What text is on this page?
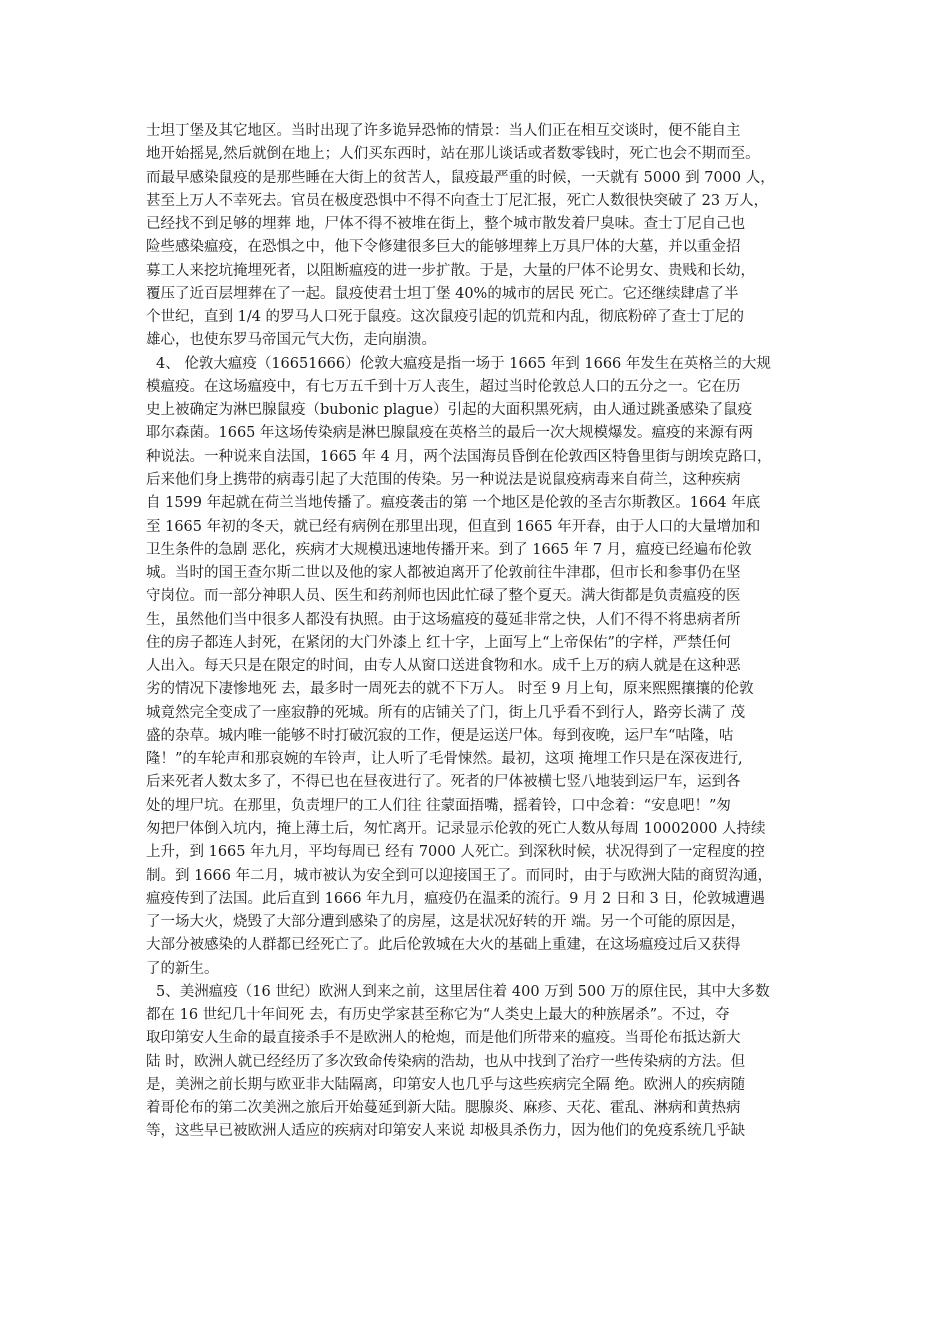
士坦丁堡及其它地区。当时出现了许多诡异恐怖的情景：当人们正在相互交谈时，便不能自主
地开始摇晃,然后就倒在地上；人们买东西时，站在那儿谈话或者数零钱时，死亡也会不期而至。
而最早感染鼠疫的是那些睡在大街上的贫苦人，鼠疫最严重的时候，一天就有 5000 到 7000 人，
甚至上万人不幸死去。官员在极度恐惧中不得不向查士丁尼汇报，死亡人数很快突破了 23 万人，
已经找不到足够的埋葬 地，尸体不得不被堆在街上，整个城市散发着尸臭味。查士丁尼自己也
险些感染瘟疫，在恐惧之中，他下令修建很多巨大的能够埋葬上万具尸体的大墓，并以重金招
募工人来挖坑掩埋死者，以阻断瘟疫的进一步扩散。于是，大量的尸体不论男女、贵贱和长幼，
覆压了近百层埋葬在了一起。鼠疫使君士坦丁堡 40%的城市的居民 死亡。它还继续肆虐了半
个世纪，直到 1/4 的罗马人口死于鼠疫。这次鼠疫引起的饥荒和内乱，彻底粉碎了查士丁尼的
雄心，也使东罗马帝国元气大伤，走向崩溃。
4、 伦敦大瘟疫（16651666）伦敦大瘟疫是指一场于 1665 年到 1666 年发生在英格兰的大规
模瘟疫。在这场瘟疫中，有七万五千到十万人丧生，超过当时伦敦总人口的五分之一。它在历
史上被确定为淋巴腺鼠疫（bubonic plague）引起的大面积黑死病，由人通过跳蚤感染了鼠疫
耶尔森菌。1665 年这场传染病是淋巴腺鼠疫在英格兰的最后一次大规模爆发。瘟疫的来源有两
种说法。一种说来自法国，1665 年 4 月，两个法国海员昏倒在伦敦西区特鲁里街与朗埃克路口，
后来他们身上携带的病毒引起了大范围的传染。另一种说法是说鼠疫病毒来自荷兰，这种疾病
自 1599 年起就在荷兰当地传播了。瘟疫袭击的第 一个地区是伦敦的圣吉尔斯教区。1664 年底
至 1665 年初的冬天，就已经有病例在那里出现，但直到 1665 年开春，由于人口的大量增加和
卫生条件的急剧 恶化，疾病才大规模迅速地传播开来。到了 1665 年 7 月，瘟疫已经遍布伦敦
城。当时的国王查尔斯二世以及他的家人都被迫离开了伦敦前往牛津郡，但市长和参事仍在坚
守岗位。而一部分神职人员、医生和药剂师也因此忙碌了整个夏天。满大街都是负责瘟疫的医
生，虽然他们当中很多人都没有执照。由于这场瘟疫的蔓延非常之快，人们不得不将患病者所
住的房子都连人封死，在紧闭的大门外漆上 红十字，上面写上“上帝保佑”的字样，严禁任何
人出入。每天只是在限定的时间，由专人从窗口送进食物和水。成千上万的病人就是在这种恶
劣的情况下凄惨地死 去，最多时一周死去的就不下万人。 时至 9 月上旬，原来熙熙攘攘的伦敦
城竟然完全变成了一座寂静的死城。所有的店铺关了门，街上几乎看不到行人，路旁长满了 茂
盛的杂草。城内唯一能够不时打破沉寂的工作，便是运送尸体。每到夜晚，运尸车“咕隆，咕
隆！”的车轮声和那哀婉的车铃声，让人听了毛骨悚然。最初，这项 掩埋工作只是在深夜进行,
后来死者人数太多了，不得已也在昼夜进行了。死者的尸体被横七竖八地装到运尸车，运到各
处的埋尸坑。在那里，负责埋尸的工人们往 往蒙面捂嘴，摇着铃，口中念着：“安息吧！”匆
匆把尸体倒入坑内，掩上薄土后，匆忙离开。记录显示伦敦的死亡人数从每周 10002000 人持续
上升，到 1665 年九月，平均每周已 经有 7000 人死亡。到深秋时候，状况得到了一定程度的控
制。到 1666 年二月，城市被认为安全到可以迎接国王了。而同时，由于与欧洲大陆的商贸沟通，
瘟疫传到了法国。此后直到 1666 年九月，瘟疫仍在温柔的流行。9 月 2 日和 3 日，伦敦城遭遇
了一场大火，烧毁了大部分遭到感染了的房屋，这是状况好转的开 端。另一个可能的原因是，
大部分被感染的人群都已经死亡了。此后伦敦城在大火的基础上重建，在这场瘟疫过后又获得
了的新生。
5、美洲瘟疫（16 世纪）欧洲人到来之前，这里居住着 400 万到 500 万的原住民，其中大多数
都在 16 世纪几十年间死 去，有历史学家甚至称它为“人类史上最大的种族屠杀”。不过，夺
取印第安人生命的最直接杀手不是欧洲人的枪炮，而是他们所带来的瘟疫。当哥伦布抵达新大
陆 时，欧洲人就已经经历了多次致命传染病的浩劫，也从中找到了治疗一些传染病的方法。但
是，美洲之前长期与欧亚非大陆隔离，印第安人也几乎与这些疾病完全隔 绝。欧洲人的疾病随
着哥伦布的第二次美洲之旅后开始蔓延到新大陆。腮腺炎、麻疹、天花、霍乱、淋病和黄热病
等，这些早已被欧洲人适应的疾病对印第安人来说 却极具杀伤力，因为他们的免疫系统几乎缺
